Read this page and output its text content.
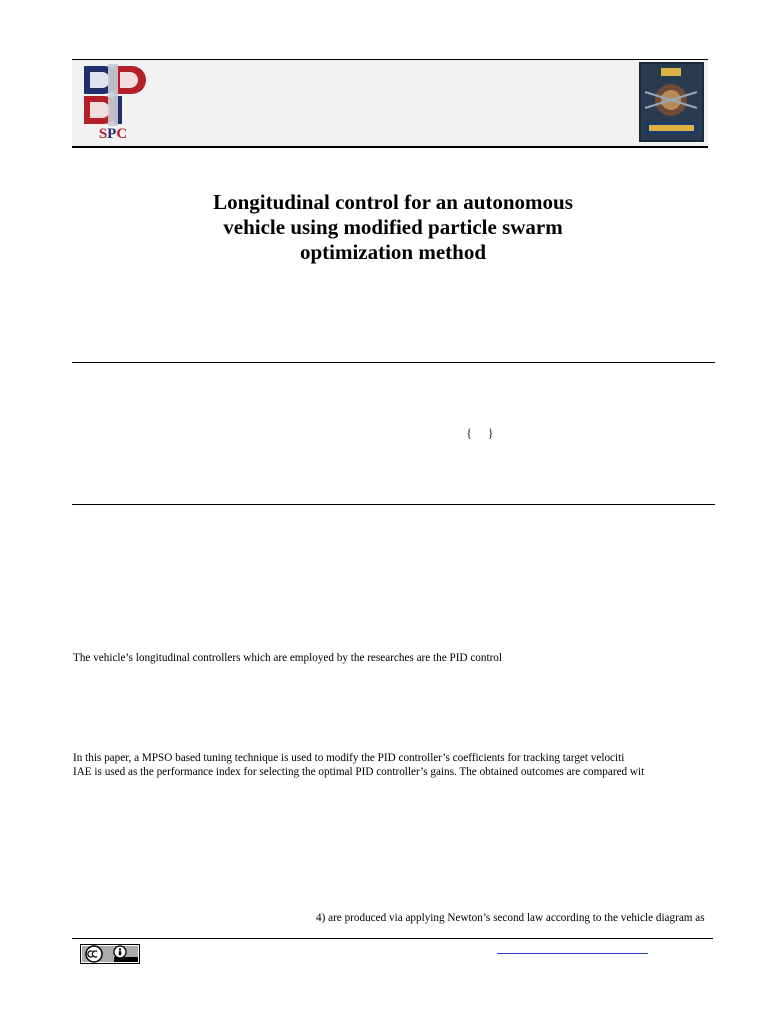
SPC
Longitudinal control for an autonomous
vehicle using modified particle swarm
optimization method
{ }
The vehicle’s longitudinal controllers which are employed by the researches are the PID control
In this paper, a MPSO based tuning technique is used to modify the PID controller’s coefficients for tracking target velociti
IAE is used as the performance index for selecting the optimal PID controller’s gains. The obtained outcomes are compared wit
4) are produced via applying Newton’s second law according to the vehicle diagram as
